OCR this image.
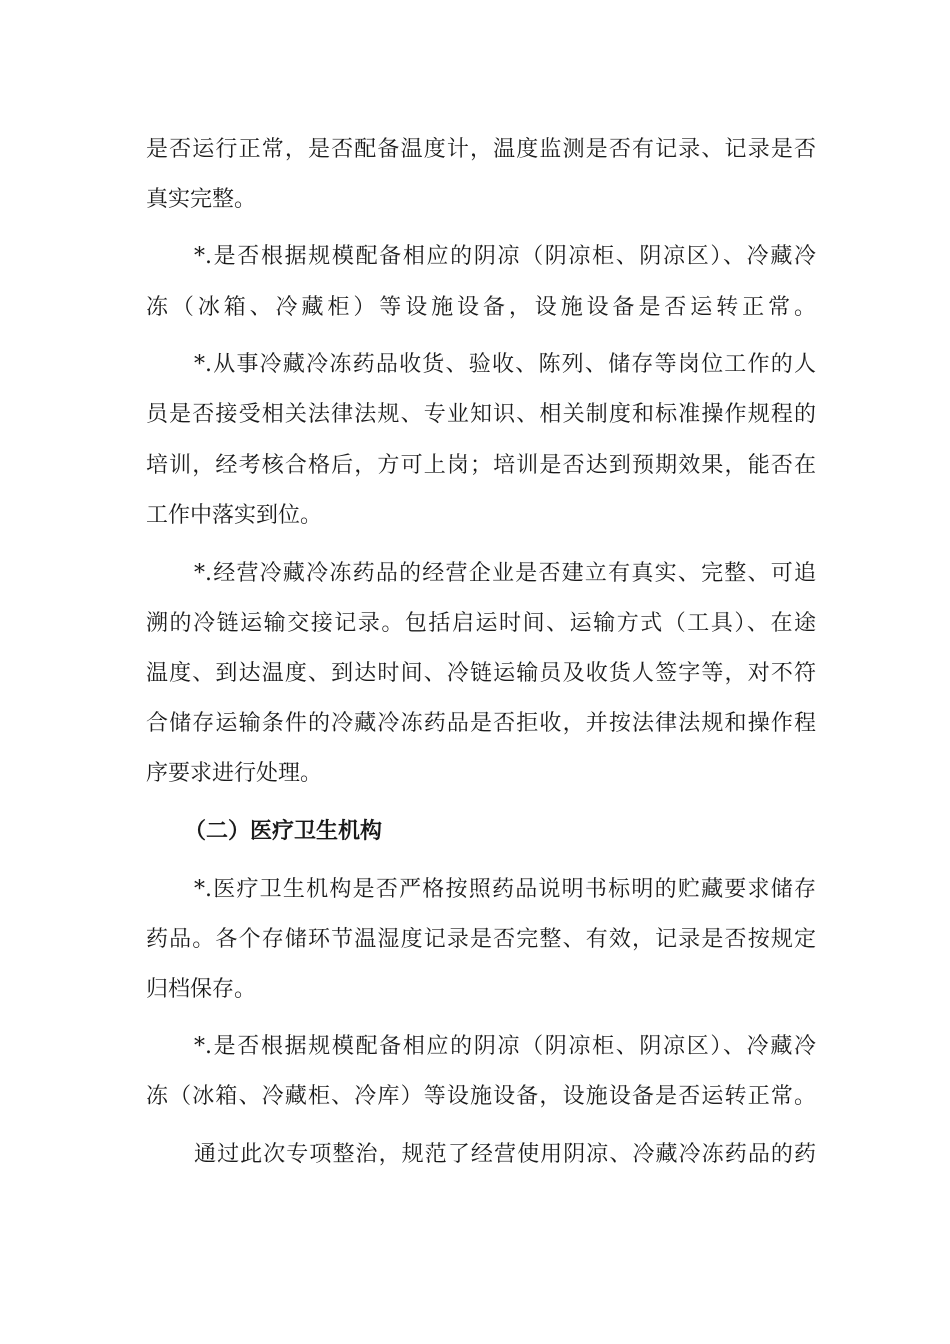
是否运行正常，是否配备温度计，温度监测是否有记录、记录是否
真实完整。
*.是否根据规模配备相应的阴凉（阴凉柜、阴凉区）、冷藏冷
冻（冰箱、冷藏柜）等设施设备，设施设备是否运转正常。
*.从事冷藏冷冻药品收货、验收、陈列、储存等岗位工作的人
员是否接受相关法律法规、专业知识、相关制度和标准操作规程的
培训，经考核合格后，方可上岗；培训是否达到预期效果，能否在
工作中落实到位。
*.经营冷藏冷冻药品的经营企业是否建立有真实、完整、可追
溯的冷链运输交接记录。包括启运时间、运输方式（工具）、在途
温度、到达温度、到达时间、冷链运输员及收货人签字等，对不符
合储存运输条件的冷藏冷冻药品是否拒收，并按法律法规和操作程
序要求进行处理。
（二）医疗卫生机构
*.医疗卫生机构是否严格按照药品说明书标明的贮藏要求储存
药品。各个存储环节温湿度记录是否完整、有效，记录是否按规定
归档保存。
*.是否根据规模配备相应的阴凉（阴凉柜、阴凉区）、冷藏冷
冻（冰箱、冷藏柜、冷库）等设施设备，设施设备是否运转正常。
通过此次专项整治，规范了经营使用阴凉、冷藏冷冻药品的药
